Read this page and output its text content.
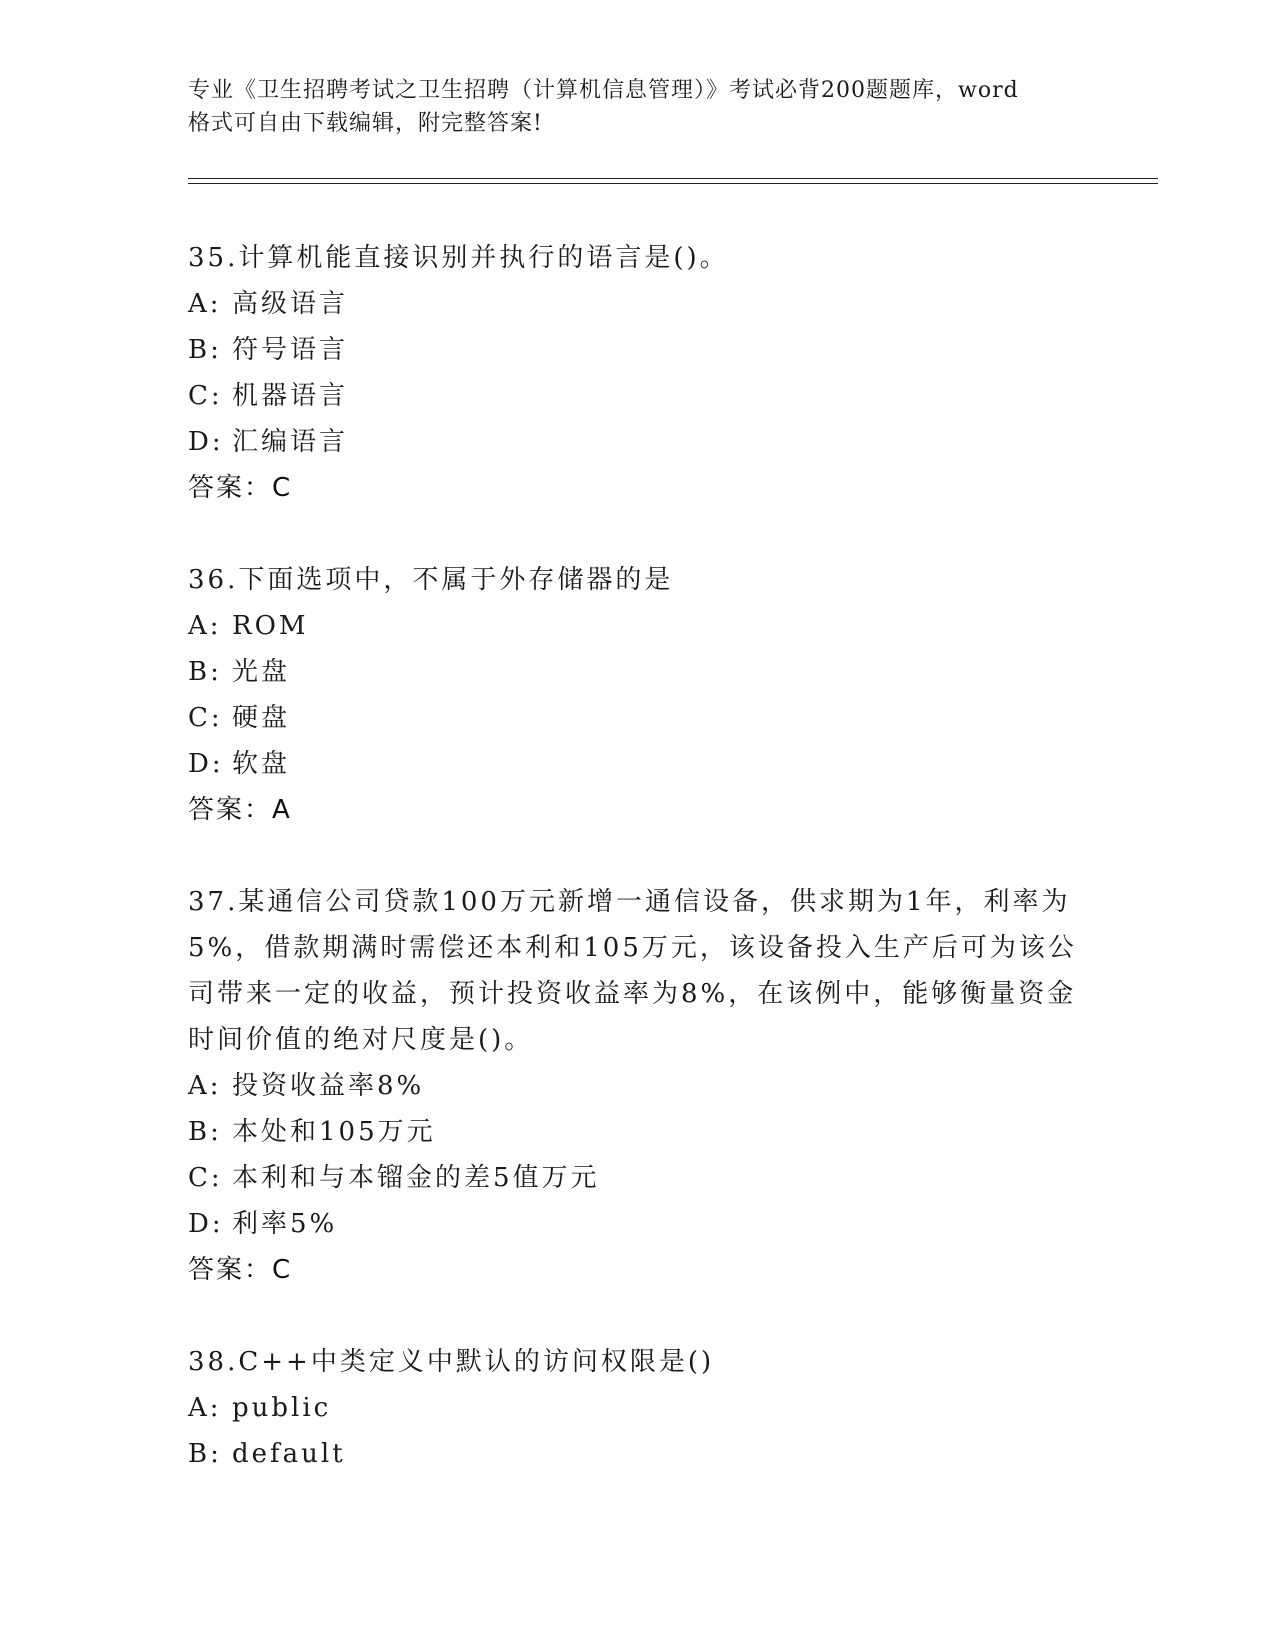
专业《卫生招聘考试之卫生招聘（计算机信息管理）》考试必背200题题库，word
格式可自由下载编辑，附完整答案!

35.计算机能直接识别并执行的语言是()。

A: 高级语言
B: 符号语言
C: 机器语言
D: 汇编语言

答案：C

36.下面选项中，不属于外存储器的是

A: ROM
B: 光盘
C: 硬盘
D: 软盘

答案：A

37.某通信公司贷款100万元新增一通信设备，供求期为1年，利率为5%，借款期满时需偿还本利和105万元，该设备投入生产后可为该公司带来一定的收益，预计投资收益率为8%，在该例中，能够衡量资金时间价值的绝对尺度是()。

A: 投资收益率8%
B: 本处和105万元
C: 本利和与本镏金的差5值万元
D: 利率5%

答案：C

38.C++中类定义中默认的访问权限是()

A: public
B: default
